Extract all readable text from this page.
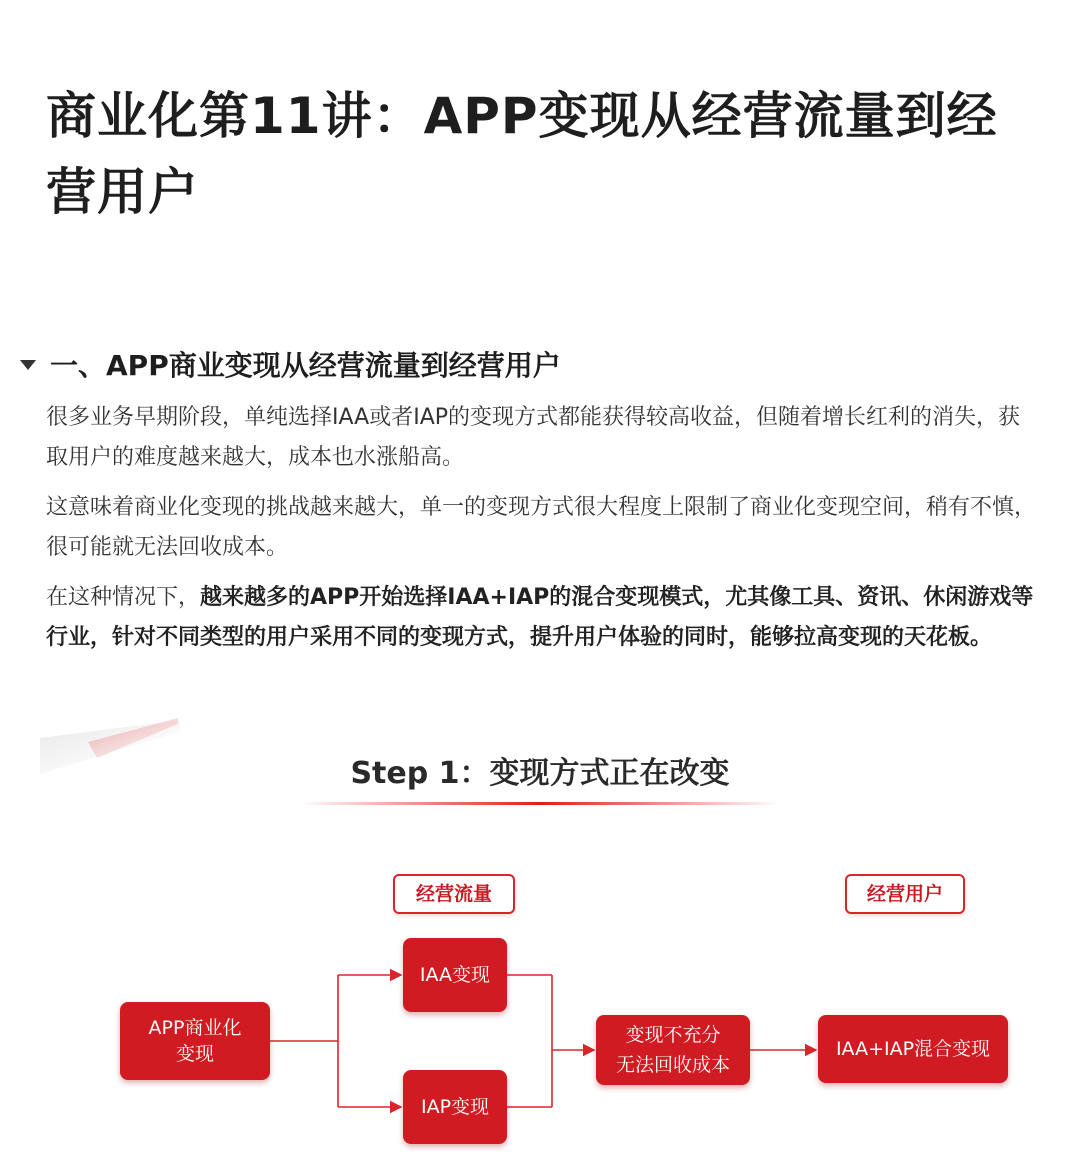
商业化第11讲：APP变现从经营流量到经营用户
一、APP商业变现从经营流量到经营用户

很多业务早期阶段，单纯选择IAA或者IAP的变现方式都能获得较高收益，但随着增长红利的消失，获取用户的难度越来越大，成本也水涨船高。

这意味着商业化变现的挑战越来越大，单一的变现方式很大程度上限制了商业化变现空间，稍有不慎，很可能就无法回收成本。

在这种情况下，越来越多的APP开始选择IAA+IAP的混合变现模式，尤其像工具、资讯、休闲游戏等行业，针对不同类型的用户采用不同的变现方式，提升用户体验的同时，能够拉高变现的天花板。

Step 1：变现方式正在改变
经营流量	经营用户
APP商业化
变现
IAA变现
IAP变现
变现不充分
无法回收成本
IAA+IAP混合变现
